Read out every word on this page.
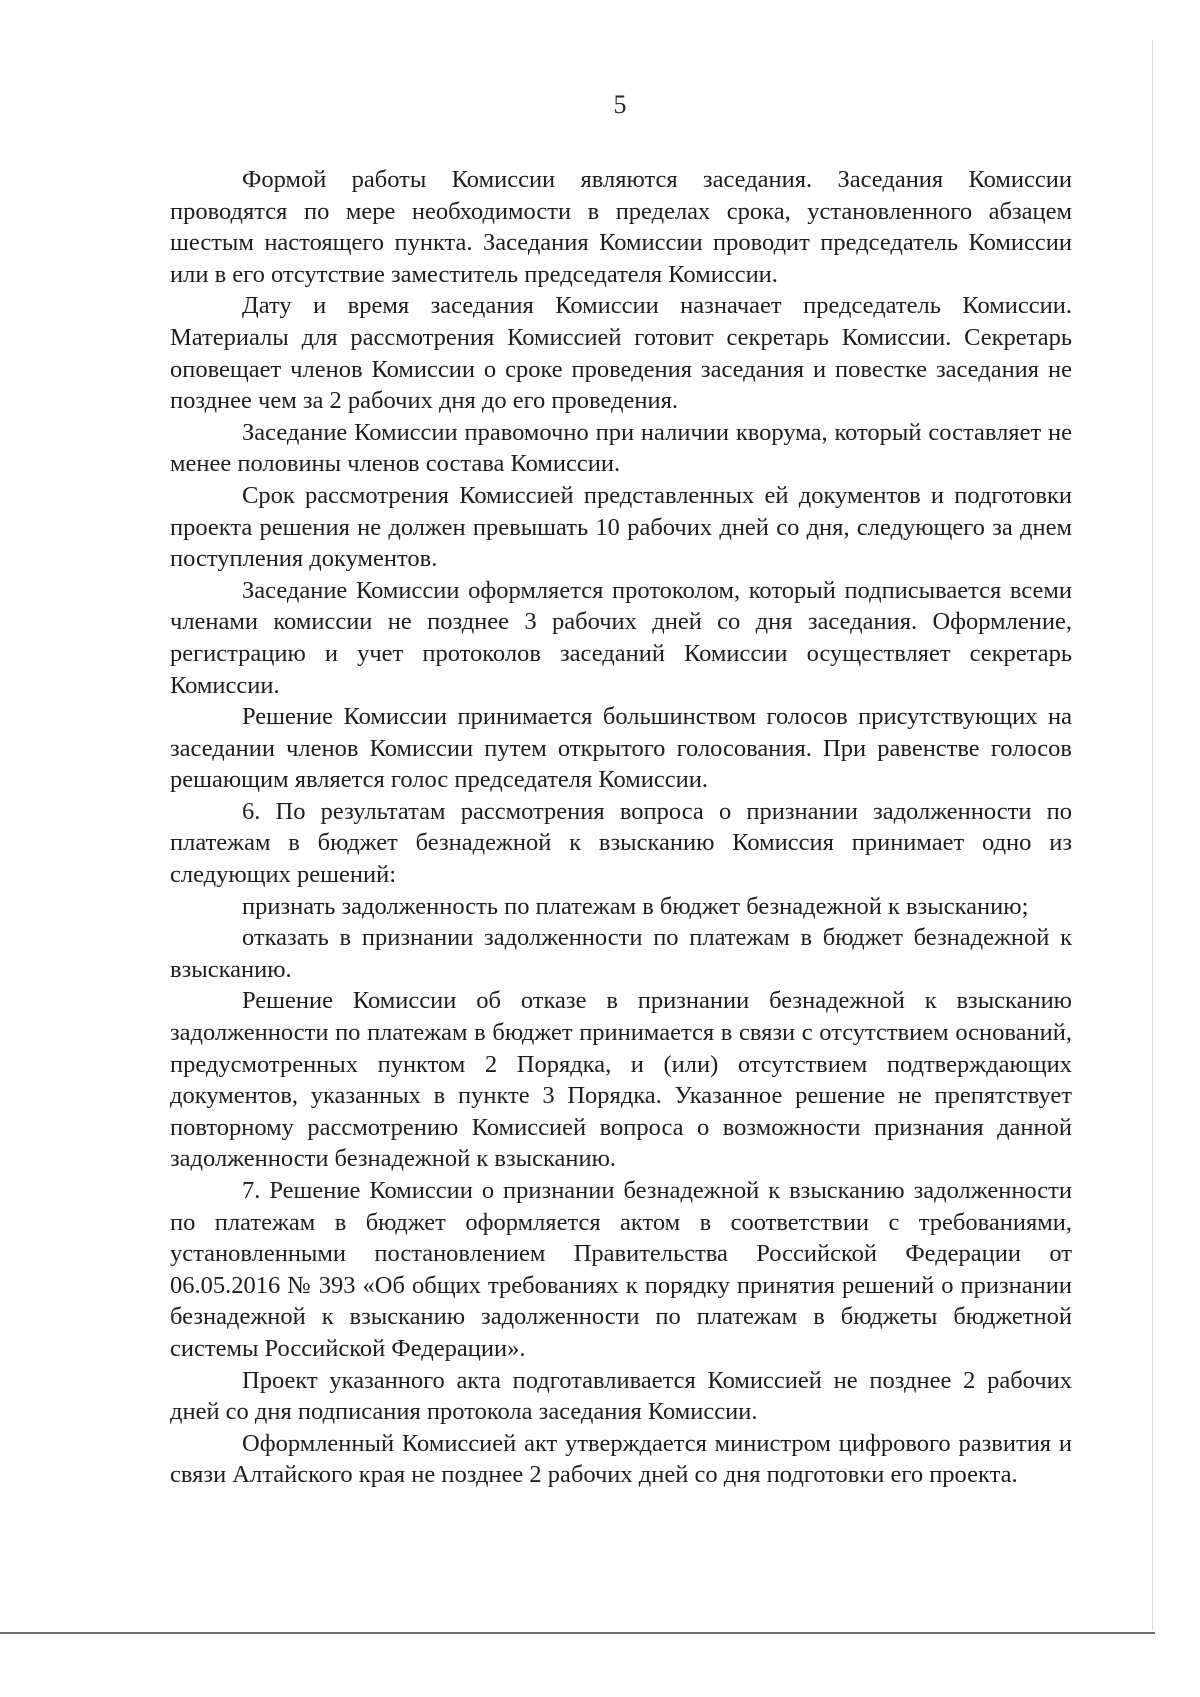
5

Формой работы Комиссии являются заседания. Заседания Комиссии проводятся по мере необходимости в пределах срока, установленного абзацем шестым настоящего пункта. Заседания Комиссии проводит председатель Комиссии или в его отсутствие заместитель председателя Комиссии.

Дату и время заседания Комиссии назначает председатель Комиссии. Материалы для рассмотрения Комиссией готовит секретарь Комиссии. Секретарь оповещает членов Комиссии о сроке проведения заседания и повестке заседания не позднее чем за 2 рабочих дня до его проведения.

Заседание Комиссии правомочно при наличии кворума, который составляет не менее половины членов состава Комиссии.

Срок рассмотрения Комиссией представленных ей документов и подготовки проекта решения не должен превышать 10 рабочих дней со дня, следующего за днем поступления документов.

Заседание Комиссии оформляется протоколом, который подписывается всеми членами комиссии не позднее 3 рабочих дней со дня заседания. Оформление, регистрацию и учет протоколов заседаний Комиссии осуществляет секретарь Комиссии.

Решение Комиссии принимается большинством голосов присутствующих на заседании членов Комиссии путем открытого голосования. При равенстве голосов решающим является голос председателя Комиссии.

6. По результатам рассмотрения вопроса о признании задолженности по платежам в бюджет безнадежной к взысканию Комиссия принимает одно из следующих решений:

признать задолженность по платежам в бюджет безнадежной к взысканию;

отказать в признании задолженности по платежам в бюджет безнадежной к взысканию.

Решение Комиссии об отказе в признании безнадежной к взысканию задолженности по платежам в бюджет принимается в связи с отсутствием оснований, предусмотренных пунктом 2 Порядка, и (или) отсутствием подтверждающих документов, указанных в пункте 3 Порядка. Указанное решение не препятствует повторному рассмотрению Комиссией вопроса о возможности признания данной задолженности безнадежной к взысканию.

7. Решение Комиссии о признании безнадежной к взысканию задолженности по платежам в бюджет оформляется актом в соответствии с требованиями, установленными постановлением Правительства Российской Федерации от 06.05.2016 № 393 «Об общих требованиях к порядку принятия решений о признании безнадежной к взысканию задолженности по платежам в бюджеты бюджетной системы Российской Федерации».

Проект указанного акта подготавливается Комиссией не позднее 2 рабочих дней со дня подписания протокола заседания Комиссии.

Оформленный Комиссией акт утверждается министром цифрового развития и связи Алтайского края не позднее 2 рабочих дней со дня подготовки его проекта.
